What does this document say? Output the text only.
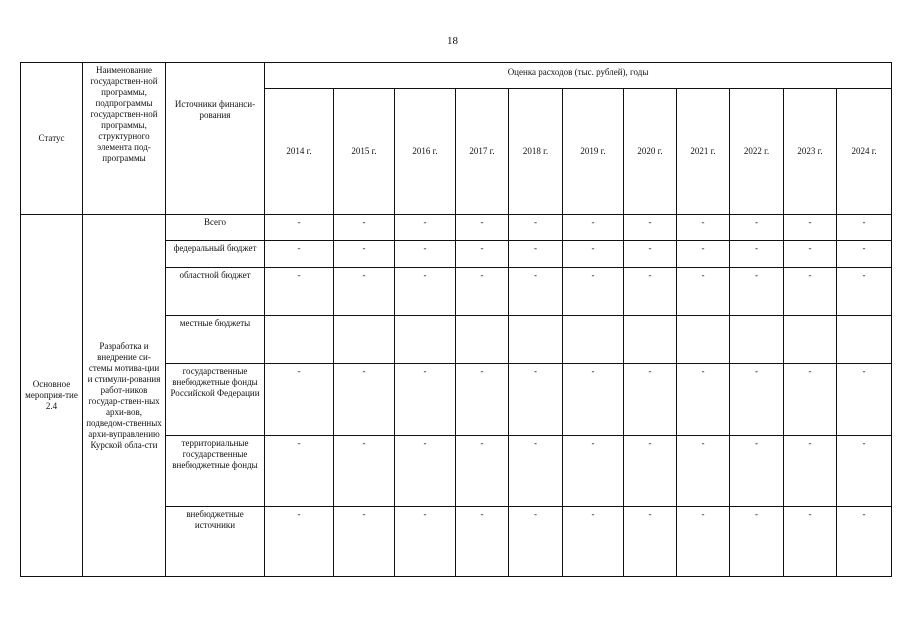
18
Статус	Наименование государствен-ной программы, подпрограммы государствен-ной программы, структурного элемента под-программы	Источники финанси-рования	Оценка расходов (тыс. рублей), годы										
			2014 г.	2015 г.	2016 г.	2017 г.	2018 г.	2019 г.	2020 г.	2021 г.	2022 г.	2023 г.	2024 г.
Основное мероприя-тие 2.4	Разработка и внедрение си-стемы мотива-ции и стимули-рования работ-ников государ-ствен-ных архи-вов, подведом-ственных архи-вуправлению Курской обла-сти	Всего	-	-	-	-	-	-	-	-	-	-	-
		федеральный бюджет	-	-	-	-	-	-	-	-	-	-	-
		областной бюджет	-	-	-	-	-	-	-	-	-	-	-
		местные бюджеты											
		государственные внебюджетные фонды Российской Федерации	-	-	-	-	-	-	-	-	-	-	-
		территориальные государственные внебюджетные фонды	-	-	-	-	-	-	-	-	-	-	-
		внебюджетные источники	-	-	-	-	-	-	-	-	-	-	-
